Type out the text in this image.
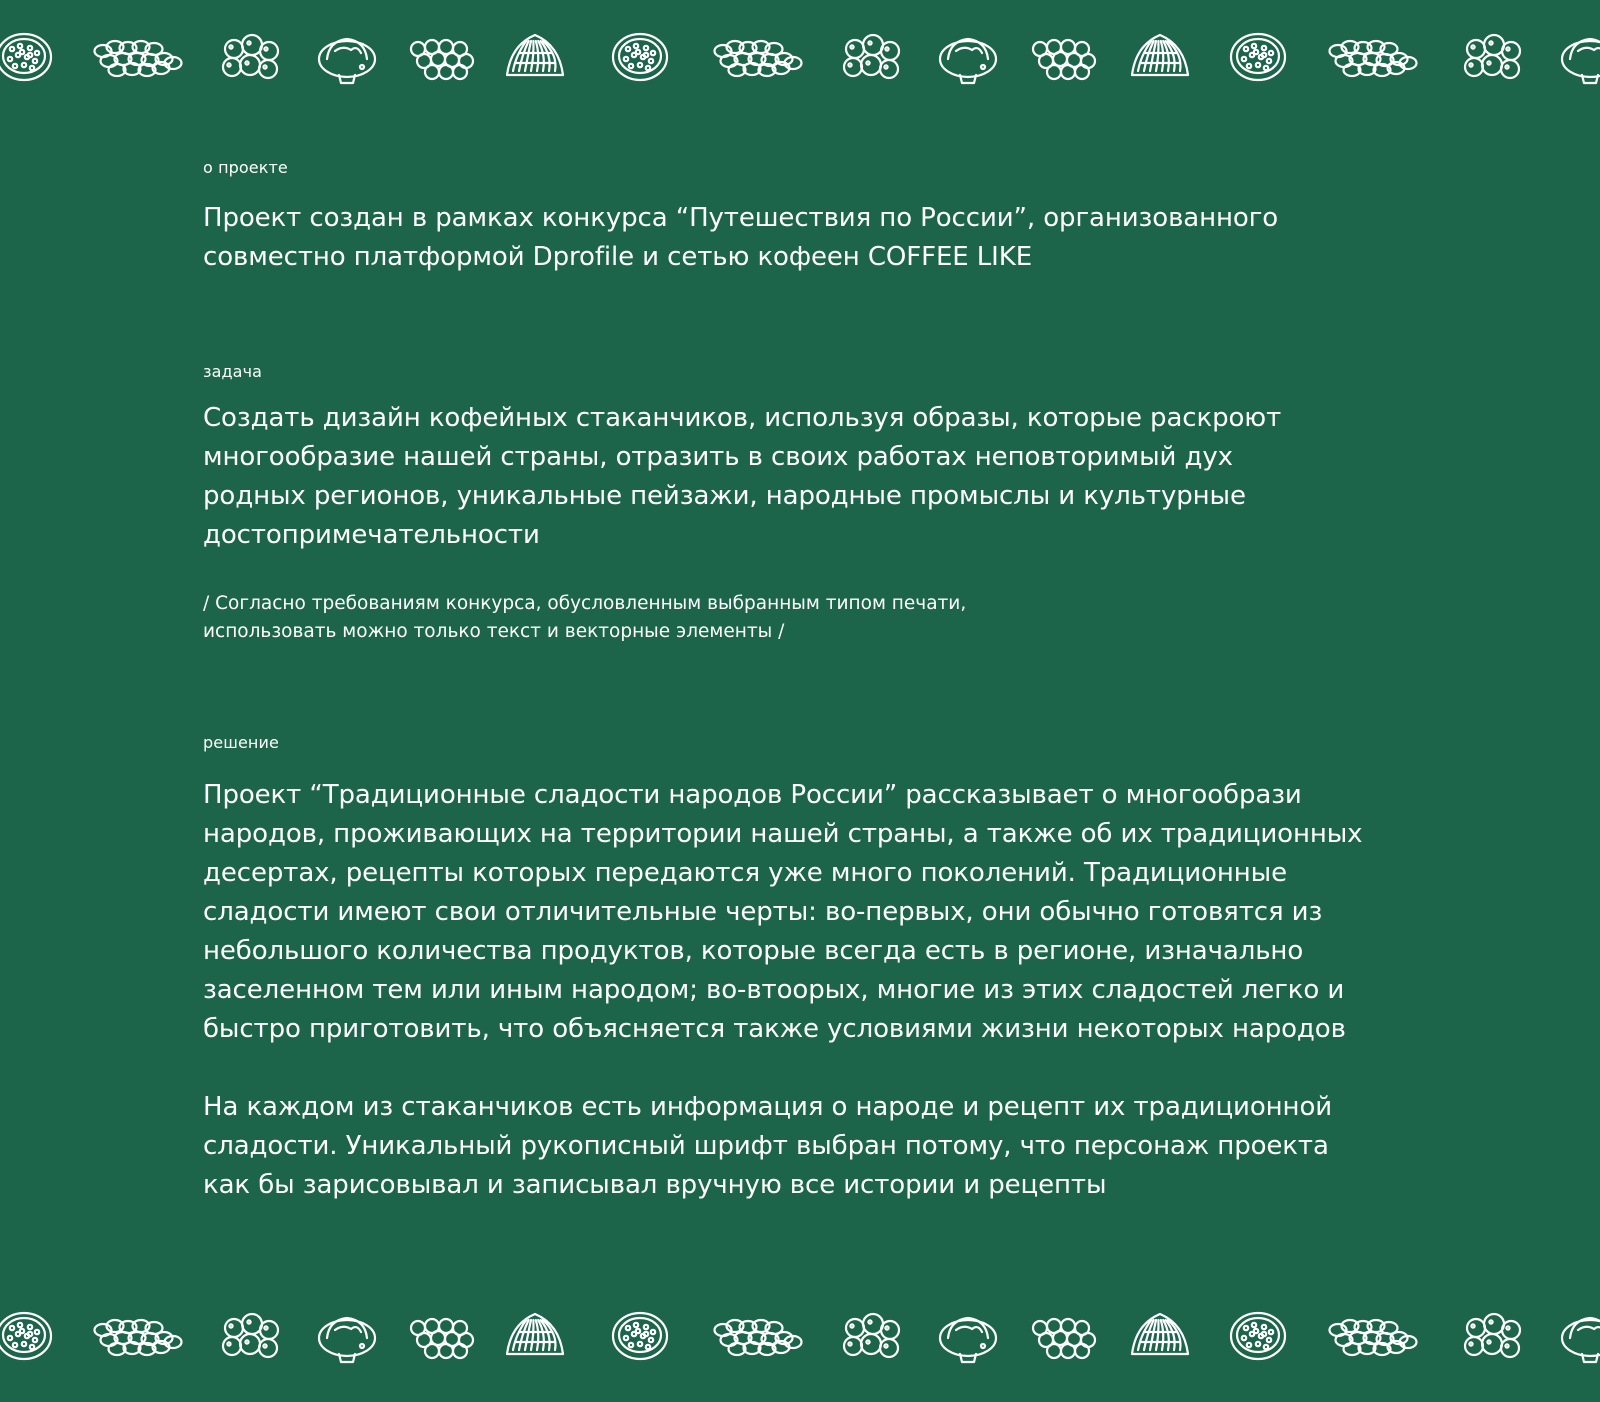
о проекте
Проект создан в рамках конкурса “Путешествия по России”, организованного совместно платформой Dprofile и сетью кофеен COFFEE LIKE
задача
Создать дизайн кофейных стаканчиков, используя образы, которые раскроют многообразие нашей страны, отразить в своих работах неповторимый дух родных регионов, уникальные пейзажи, народные промыслы и культурные достопримечательности
/ Согласно требованиям конкурса, обусловленным выбранным типом печати, использовать можно только текст и векторные элементы /
решение

Проект “Традиционные сладости народов России” рассказывает о многообрази народов, проживающих на территории нашей страны, а также об их традиционных десертах, рецепты которых передаются уже много поколений. Традиционные сладости имеют свои отличительные черты: во-первых, они обычно готовятся из небольшого количества продуктов, которые всегда есть в регионе, изначально заселенном тем или иным народом; во-втоорых, многие из этих сладостей легко и быстро приготовить, что объясняется также условиями жизни некоторых народов

На каждом из стаканчиков есть информация о народе и рецепт их традиционной сладости. Уникальный рукописный шрифт выбран потому, что персонаж проекта как бы зарисовывал и записывал вручную все истории и рецепты
